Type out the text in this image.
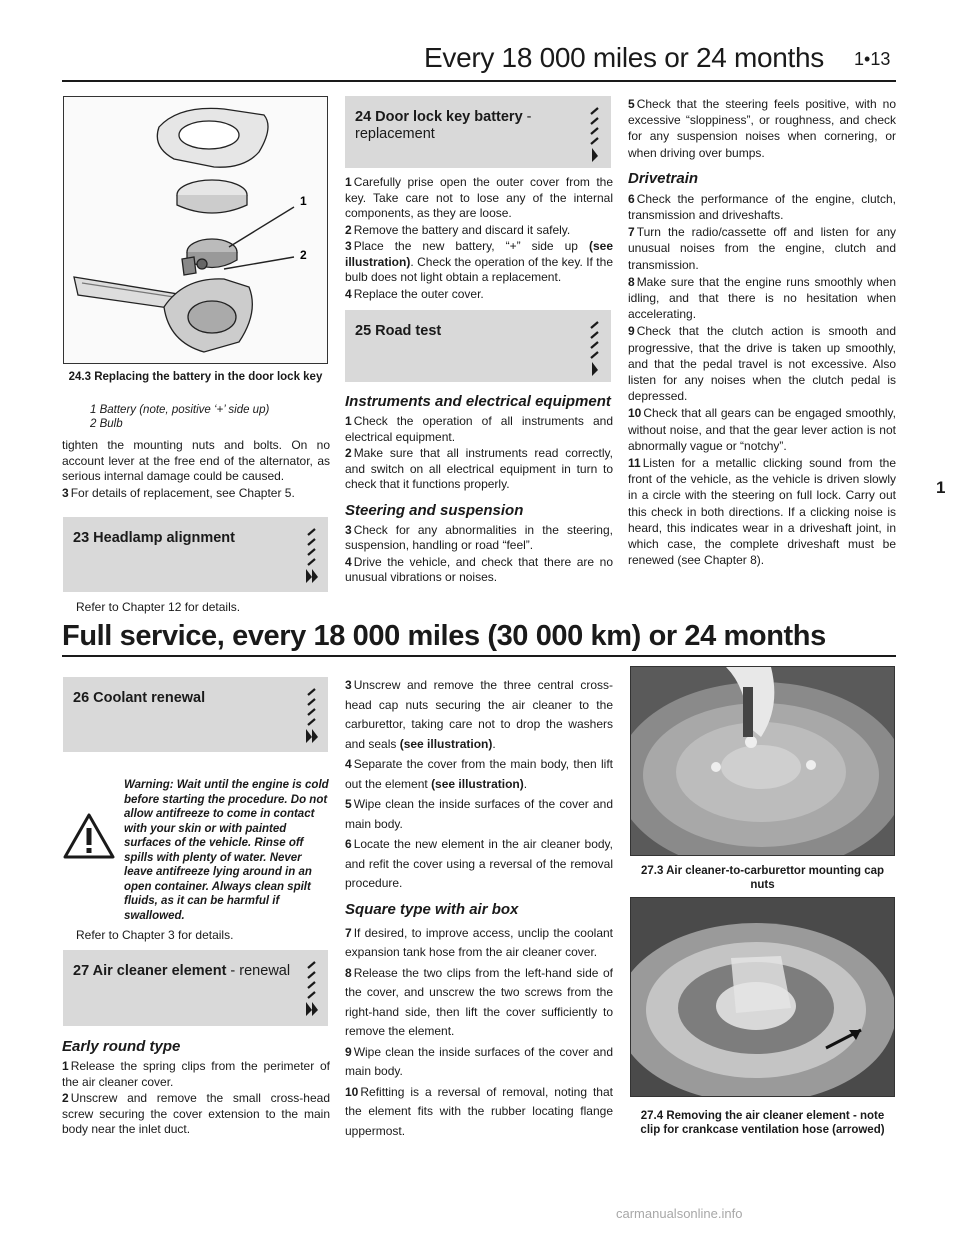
Every 18 000 miles or 24 months 1•13
1
1
2
24.3 Replacing the battery in the door lock key
1 Battery (note, positive ‘+’ side up)
2 Bulb

tighten the mounting nuts and bolts. On no account lever at the free end of the alternator, as serious internal damage could be caused.

3 For details of replacement, see Chapter 5.

23 Headlamp alignment
Refer to Chapter 12 for details.
24 Door lock key battery - replacement

1 Carefully prise open the outer cover from the key. Take care not to lose any of the internal components, as they are loose.

2 Remove the battery and discard it safely.

3 Place the new battery, “+” side up (see illustration). Check the operation of the key. If the bulb does not light obtain a replacement.

4 Replace the outer cover.

25 Road test
Instruments and electrical equipment

1 Check the operation of all instruments and electrical equipment.

2 Make sure that all instruments read correctly, and switch on all electrical equipment in turn to check that it functions properly.

Steering and suspension

3 Check for any abnormalities in the steering, suspension, handling or road “feel”.

4 Drive the vehicle, and check that there are no unusual vibrations or noises.

5 Check that the steering feels positive, with no excessive “sloppiness”, or roughness, and check for any suspension noises when cornering, or when driving over bumps.

Drivetrain

6 Check the performance of the engine, clutch, transmission and driveshafts.

7 Turn the radio/cassette off and listen for any unusual noises from the engine, clutch and transmission.

8 Make sure that the engine runs smoothly when idling, and that there is no hesitation when accelerating.

9 Check that the clutch action is smooth and progressive, that the drive is taken up smoothly, and that the pedal travel is not excessive. Also listen for any noises when the clutch pedal is depressed.

10 Check that all gears can be engaged smoothly, without noise, and that the gear lever action is not abnormally vague or “notchy”.

11 Listen for a metallic clicking sound from the front of the vehicle, as the vehicle is driven slowly in a circle with the steering on full lock. Carry out this check in both directions. If a clicking noise is heard, this indicates wear in a driveshaft joint, in which case, the complete driveshaft must be renewed (see Chapter 8).

Full service, every 18 000 miles (30 000 km) or 24 months
26 Coolant renewal
Warning: Wait until the engine is cold before starting the procedure. Do not allow antifreeze to come in contact with your skin or with painted surfaces of the vehicle. Rinse off spills with plenty of water. Never leave antifreeze lying around in an open container. Always clean spilt fluids, as it can be harmful if swallowed.
Refer to Chapter 3 for details.
27 Air cleaner element - renewal
Early round type

1 Release the spring clips from the perimeter of the air cleaner cover.

2 Unscrew and remove the small cross-head screw securing the cover extension to the main body near the inlet duct.

3 Unscrew and remove the three central cross-head cap nuts securing the air cleaner to the carburettor, taking care not to drop the washers and seals (see illustration).

4 Separate the cover from the main body, then lift out the element (see illustration).

5 Wipe clean the inside surfaces of the cover and main body.

6 Locate the new element in the air cleaner body, and refit the cover using a reversal of the removal procedure.

Square type with air box

7 If desired, to improve access, unclip the coolant expansion tank hose from the air cleaner cover.

8 Release the two clips from the left-hand side of the cover, and unscrew the two screws from the right-hand side, then lift the cover sufficiently to remove the element.

9 Wipe clean the inside surfaces of the cover and main body.

10 Refitting is a reversal of removal, noting that the element fits with the rubber locating flange uppermost.

27.3 Air cleaner-to-carburettor mounting cap nuts
27.4 Removing the air cleaner element - note clip for crankcase ventilation hose (arrowed)
carmanualsonline.info
